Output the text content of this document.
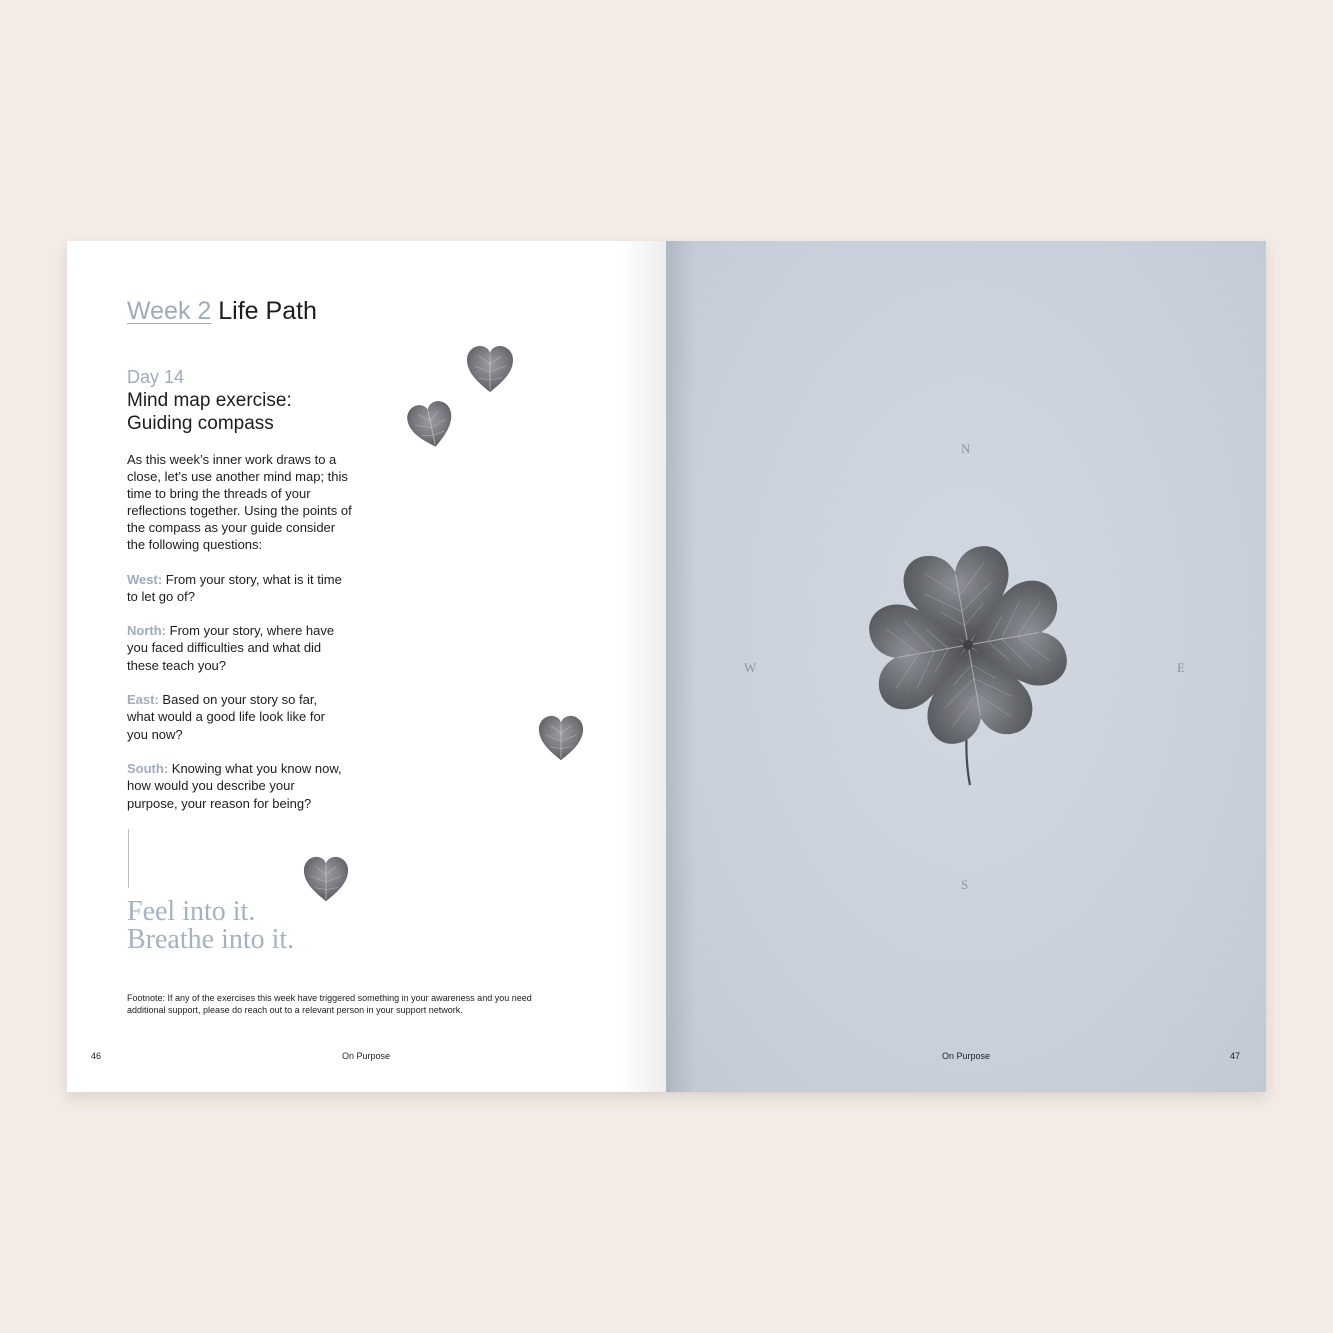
Week 2 Life Path

Day 14

Mind map exercise:
Guiding compass

As this week’s inner work draws to a close, let’s use another mind map; this time to bring the threads of your reflections together. Using the points of the compass as your guide consider the following questions:

West: From your story, what is it time to let go of?

North: From your story, where have you faced difficulties and what did these teach you?

East: Based on your story so far, what would a good life look like for you now?

South: Knowing what you know now, how would you describe your purpose, your reason for being?

Feel into it.
Breathe into it.

Footnote: If any of the exercises this week have triggered something in your awareness and you need additional support, please do reach out to a relevant person in your support network.

46	On Purpose
N
W	E
S
On Purpose	47
